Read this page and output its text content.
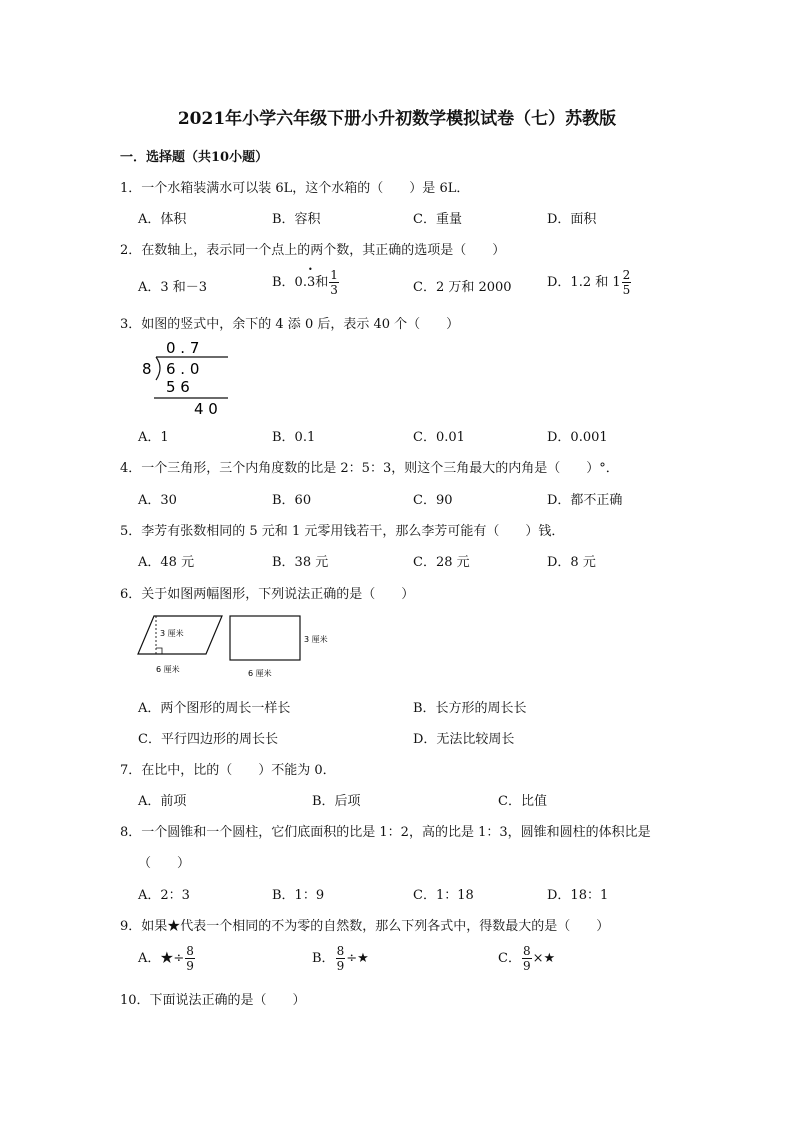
2021年小学六年级下册小升初数学模拟试卷（七）苏教版
一．选择题（共10小题）
1．一个水箱装满水可以装 6L，这个水箱的（　　）是 6L．
A．体积	B．容积	C．重量	D．面积
2．在数轴上，表示同一个点上的两个数，其正确的选项是（　　）
A．3 和－3	B．0.• 3和 $\frac{1}{3}$	C．2 万和 2000	D．1.2 和 $1 \frac{2}{5}$
3．如图的竖式中，余下的 4 添 0 后，表示 40 个（　　）
0 . 7
8 6 . 0
5 6
4 0
A．1	B．0.1	C．0.01	D．0.001
4．一个三角形，三个内角度数的比是 2：5：3，则这个三角最大的内角是（　　）°．
A．30	B．60	C．90	D．都不正确
5．李芳有张数相同的 5 元和 1 元零用钱若干，那么李芳可能有（　　）钱．
A．48 元	B．38 元	C．28 元	D．8 元
6．关于如图两幅图形，下列说法正确的是（　　）
3 厘米
6 厘米
3 厘米
6 厘米
A．两个图形的周长一样长	B．长方形的周长长
C．平行四边形的周长长	D．无法比较周长
7．在比中，比的（　　）不能为 0．
A．前项	B．后项	C．比值
8．一个圆锥和一个圆柱，它们底面积的比是 1：2，高的比是 1：3，圆锥和圆柱的体积比是
（　　）
A．2：3	B．1：9	C．1：18	D．18：1
9．如果★代表一个相同的不为零的自然数，那么下列各式中，得数最大的是（　　）
A．★÷ $\frac{8}{9}$	B． $\frac{8}{9}$ ÷★	C． $\frac{8}{9}$ ×★
10．下面说法正确的是（　　）
